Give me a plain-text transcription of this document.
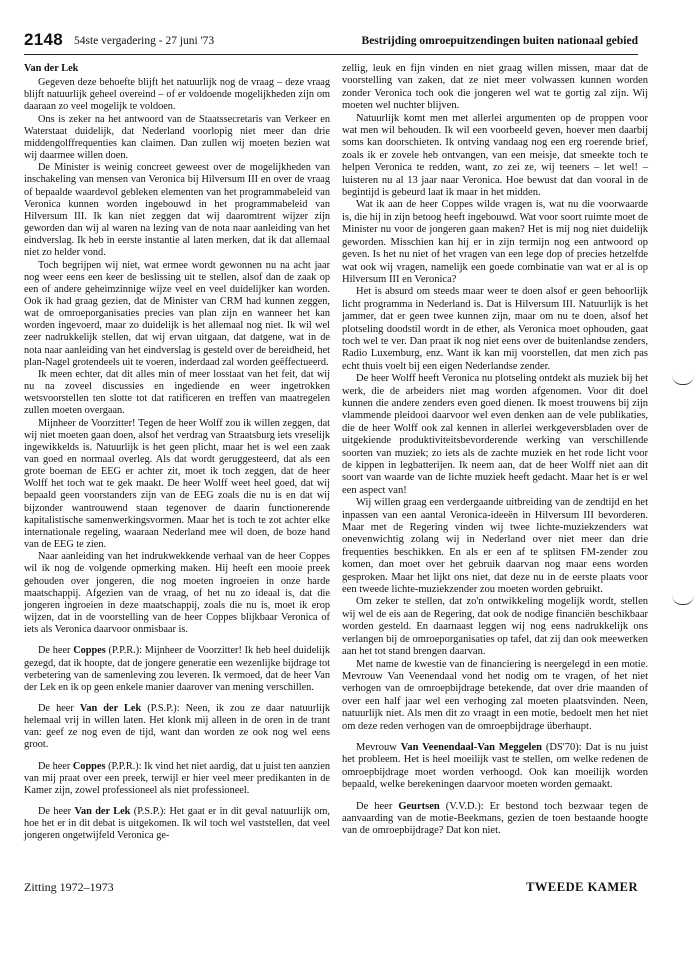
2148 54ste vergadering - 27 juni '73	Bestrijding omroepuitzendingen buiten nationaal gebied

Van der Lek

Gegeven deze behoefte blijft het natuurlijk nog de vraag – deze vraag blijft natuurlijk geheel overeind – of er voldoende mogelijkheden zijn om daaraan zo veel mogelijk te voldoen.

Ons is zeker na het antwoord van de Staatssecretaris van Verkeer en Waterstaat duidelijk, dat Nederland voorlopig niet meer dan drie middengolffrequenties kan claimen. Dan zullen wij moeten bezien wat wij daarmee willen doen.

De Minister is weinig concreet geweest over de mogelijkheden van inschakeling van mensen van Veronica bij Hilversum III en over de vraag of bepaalde waardevol gebleken elementen van het programmabeleid van Veronica kunnen worden ingebouwd in het programmabeleid van Hilversum III. Ik kan niet zeggen dat wij daaromtrent wijzer zijn geworden dan wij al waren na lezing van de nota naar aanleiding van het eindverslag. Ik heb in eerste instantie al laten merken, dat ik dat allemaal niet zo helder vond.

Toch begrijpen wij niet, wat ermee wordt gewonnen nu na acht jaar nog weer eens een keer de beslissing uit te stellen, alsof dan de zaak op een of andere geheimzinnige wijze veel en veel duidelijker kan worden. Ook ik had graag gezien, dat de Minister van CRM had kunnen zeggen, wat de omroeporganisaties precies van plan zijn en wanneer het kan worden ingevoerd, maar zo duidelijk is het allemaal nog niet. Ik wil wel zeer nadrukkelijk stellen, dat wij ervan uitgaan, dat datgene, wat in de nota naar aanleiding van het eindverslag is gesteld over de bereidheid, het plan-Nagel grotendeels uit te voeren, inderdaad zal worden geëffectueerd.

Ik meen echter, dat dit alles min of meer losstaat van het feit, dat wij nu na zoveel discussies en ingediende en weer ingetrokken wetsvoorstellen ten slotte tot dat ratificeren en treffen van maatregelen zullen moeten overgaan.

Mijnheer de Voorzitter! Tegen de heer Wolff zou ik willen zeggen, dat wij niet moeten gaan doen, alsof het verdrag van Straatsburg iets vreselijk ingewikkelds is. Natuurlijk is het geen plicht, maar het is wel een zaak van goed en normaal overleg. Als dat wordt geruggesteerd, dat als een grote boeman de EEG er achter zit, moet ik toch zeggen, dat de heer Wolff het toch wat te gek maakt. De heer Wolff weet heel goed, dat wij bepaald geen voorstanders zijn van de EEG zoals die nu is en dat wij bijzonder wantrouwend staan tegenover de daarin functionerende kapitalistische samenwerkingsvormen. Maar het is toch te zot achter elke internationale regeling, waaraan Nederland mee wil doen, de boze hand van de EEG te zien.

Naar aanleiding van het indrukwekkende verhaal van de heer Coppes wil ik nog de volgende opmerking maken. Hij heeft een mooie preek gehouden over jongeren, die nog moeten ingroeien in onze harde maatschappij. Afgezien van de vraag, of het nu zo ideaal is, dat die jongeren ingroeien in deze maatschappij, zoals die nu is, moet ik erop wijzen, dat in de voorstelling van de heer Coppes blijkbaar Veronica of iets als Veronica daarvoor onmisbaar is.

De heer Coppes (P.P.R.): Mijnheer de Voorzitter! Ik heb heel duidelijk gezegd, dat ik hoopte, dat de jongere generatie een wezenlijke bijdrage tot verbetering van de samenleving zou leveren. Ik vermoed, dat de heer Van der Lek en ik op geen enkele manier daarover van mening verschillen.

De heer Van der Lek (P.S.P.): Neen, ik zou ze daar natuurlijk helemaal vrij in willen laten. Het klonk mij alleen in de oren in de trant van: geef ze nog even de tijd, want dan worden ze ook nog wel eens groot.

De heer Coppes (P.P.R.): Ik vind het niet aardig, dat u juist ten aanzien van mij praat over een preek, terwijl er hier veel meer predikanten in de Kamer zijn, zowel professioneel als niet professioneel.

De heer Van der Lek (P.S.P.): Het gaat er in dit geval natuurlijk om, hoe het er in dit debat is uitgekomen. Ik wil toch wel vaststellen, dat veel jongeren ongetwijfeld Veronica ge-

zellig, leuk en fijn vinden en niet graag willen missen, maar dat de voorstelling van zaken, dat ze niet meer volwassen kunnen worden zonder Veronica toch ook die jongeren wel wat te gortig zal zijn. Wij moeten wel nuchter blijven.

Natuurlijk komt men met allerlei argumenten op de proppen voor wat men wil behouden. Ik wil een voorbeeld geven, hoever men daarbij soms kan doorschieten. Ik ontving vandaag nog een erg roerende brief, zoals ik er zovele heb ontvangen, van een meisje, dat smeekte toch te helpen Veronica te redden, want, zo zei ze, wij teeners – let wel! – luisteren nu al 13 jaar naar Veronica. Hoe bewust dat dan vooral in de begintijd is gebeurd laat ik maar in het midden.

Wat ik aan de heer Coppes wilde vragen is, wat nu die voorwaarde is, die hij in zijn betoog heeft ingebouwd. Wat voor soort ruimte moet de Minister nu voor de jongeren gaan maken? Het is mij nog niet duidelijk geworden. Misschien kan hij er in zijn termijn nog een antwoord op geven. Is het nu niet of het vragen van een lege dop of precies hetzelfde wat ook wij vragen, namelijk een goede combinatie van wat er al is op Hilversum III en Veronica?

Het is absurd om steeds maar weer te doen alsof er geen behoorlijk licht programma in Nederland is. Dat is Hilversum III. Natuurlijk is het jammer, dat er geen twee kunnen zijn, maar om nu te doen, alsof het plotseling doodstil wordt in de ether, als Veronica moet ophouden, gaat toch wel te ver. Dan praat ik nog niet eens over de buitenlandse zenders, Radio Luxemburg, enz. Want ik kan mij voorstellen, dat men zich pas echt thuis voelt bij een eigen Nederlandse zender.

De heer Wolff heeft Veronica nu plotseling ontdekt als muziek bij het werk, die de arbeiders niet mag worden afgenomen. Voor dit doel kunnen die andere zenders even goed dienen. Ik moest trouwens bij zijn vlammende pleidooi daarvoor wel even denken aan de vele publikaties, die de heer Wolff ook zal kennen in allerlei werkgeversbladen over de uitgekiende produktiviteitsbevorderende werking van verschillende soorten van muziek; zo iets als de zachte muziek en het rode licht voor de kippen in legbatterijen. Ik neem aan, dat de heer Wolff niet aan dit soort van waarde van de lichte muziek heeft gedacht. Maar het is er wel een aspect van!

Wij willen graag een verdergaande uitbreiding van de zendtijd en het inpassen van een aantal Veronica-ideeën in Hilversum III bevorderen. Maar met de Regering vinden wij twee lichte-muziekzenders wat onevenwichtig zolang wij in Nederland over niet meer dan drie frequenties beschikken. En als er een af te splitsen FM-zender zou komen, dan moet over het gebruik daarvan nog maar eens worden gesproken. Maar het lijkt ons niet, dat deze nu in de eerste plaats voor een tweede lichte-muziekzender zou moeten worden gebruikt.

Om zeker te stellen, dat zo'n ontwikkeling mogelijk wordt, stellen wij wel de eis aan de Regering, dat ook de nodige financiën beschikbaar worden gesteld. En daarnaast leggen wij nog eens nadrukkelijk ons verlangen bij de omroeporganisaties op tafel, dat zij dan ook meewerken aan het tot stand brengen daarvan.

Met name de kwestie van de financiering is neergelegd in een motie. Mevrouw Van Veenendaal vond het nodig om te vragen, of het niet verhogen van de omroepbijdrage betekende, dat over drie maanden of over een half jaar wel een verhoging zal moeten plaatsvinden. Neen, natuurlijk niet. Als men dit zo vraagt in een motie, bedoelt men het niet om deze reden verhogen van de omroepbijdrage überhaupt.

Mevrouw Van Veenendaal-Van Meggelen (DS'70): Dat is nu juist het probleem. Het is heel moeilijk vast te stellen, om welke redenen de omroepbijdrage moet worden verhoogd. Ook kan moeilijk worden bepaald, welke berekeningen daarvoor moeten worden gemaakt.

De heer Geurtsen (V.V.D.): Er bestond toch bezwaar tegen de aanvaarding van de motie-Beekmans, gezien de toen bestaande hoogte van de omroepbijdrage? Dat kon niet.

Zitting 1972–1973	TWEEDE KAMER
